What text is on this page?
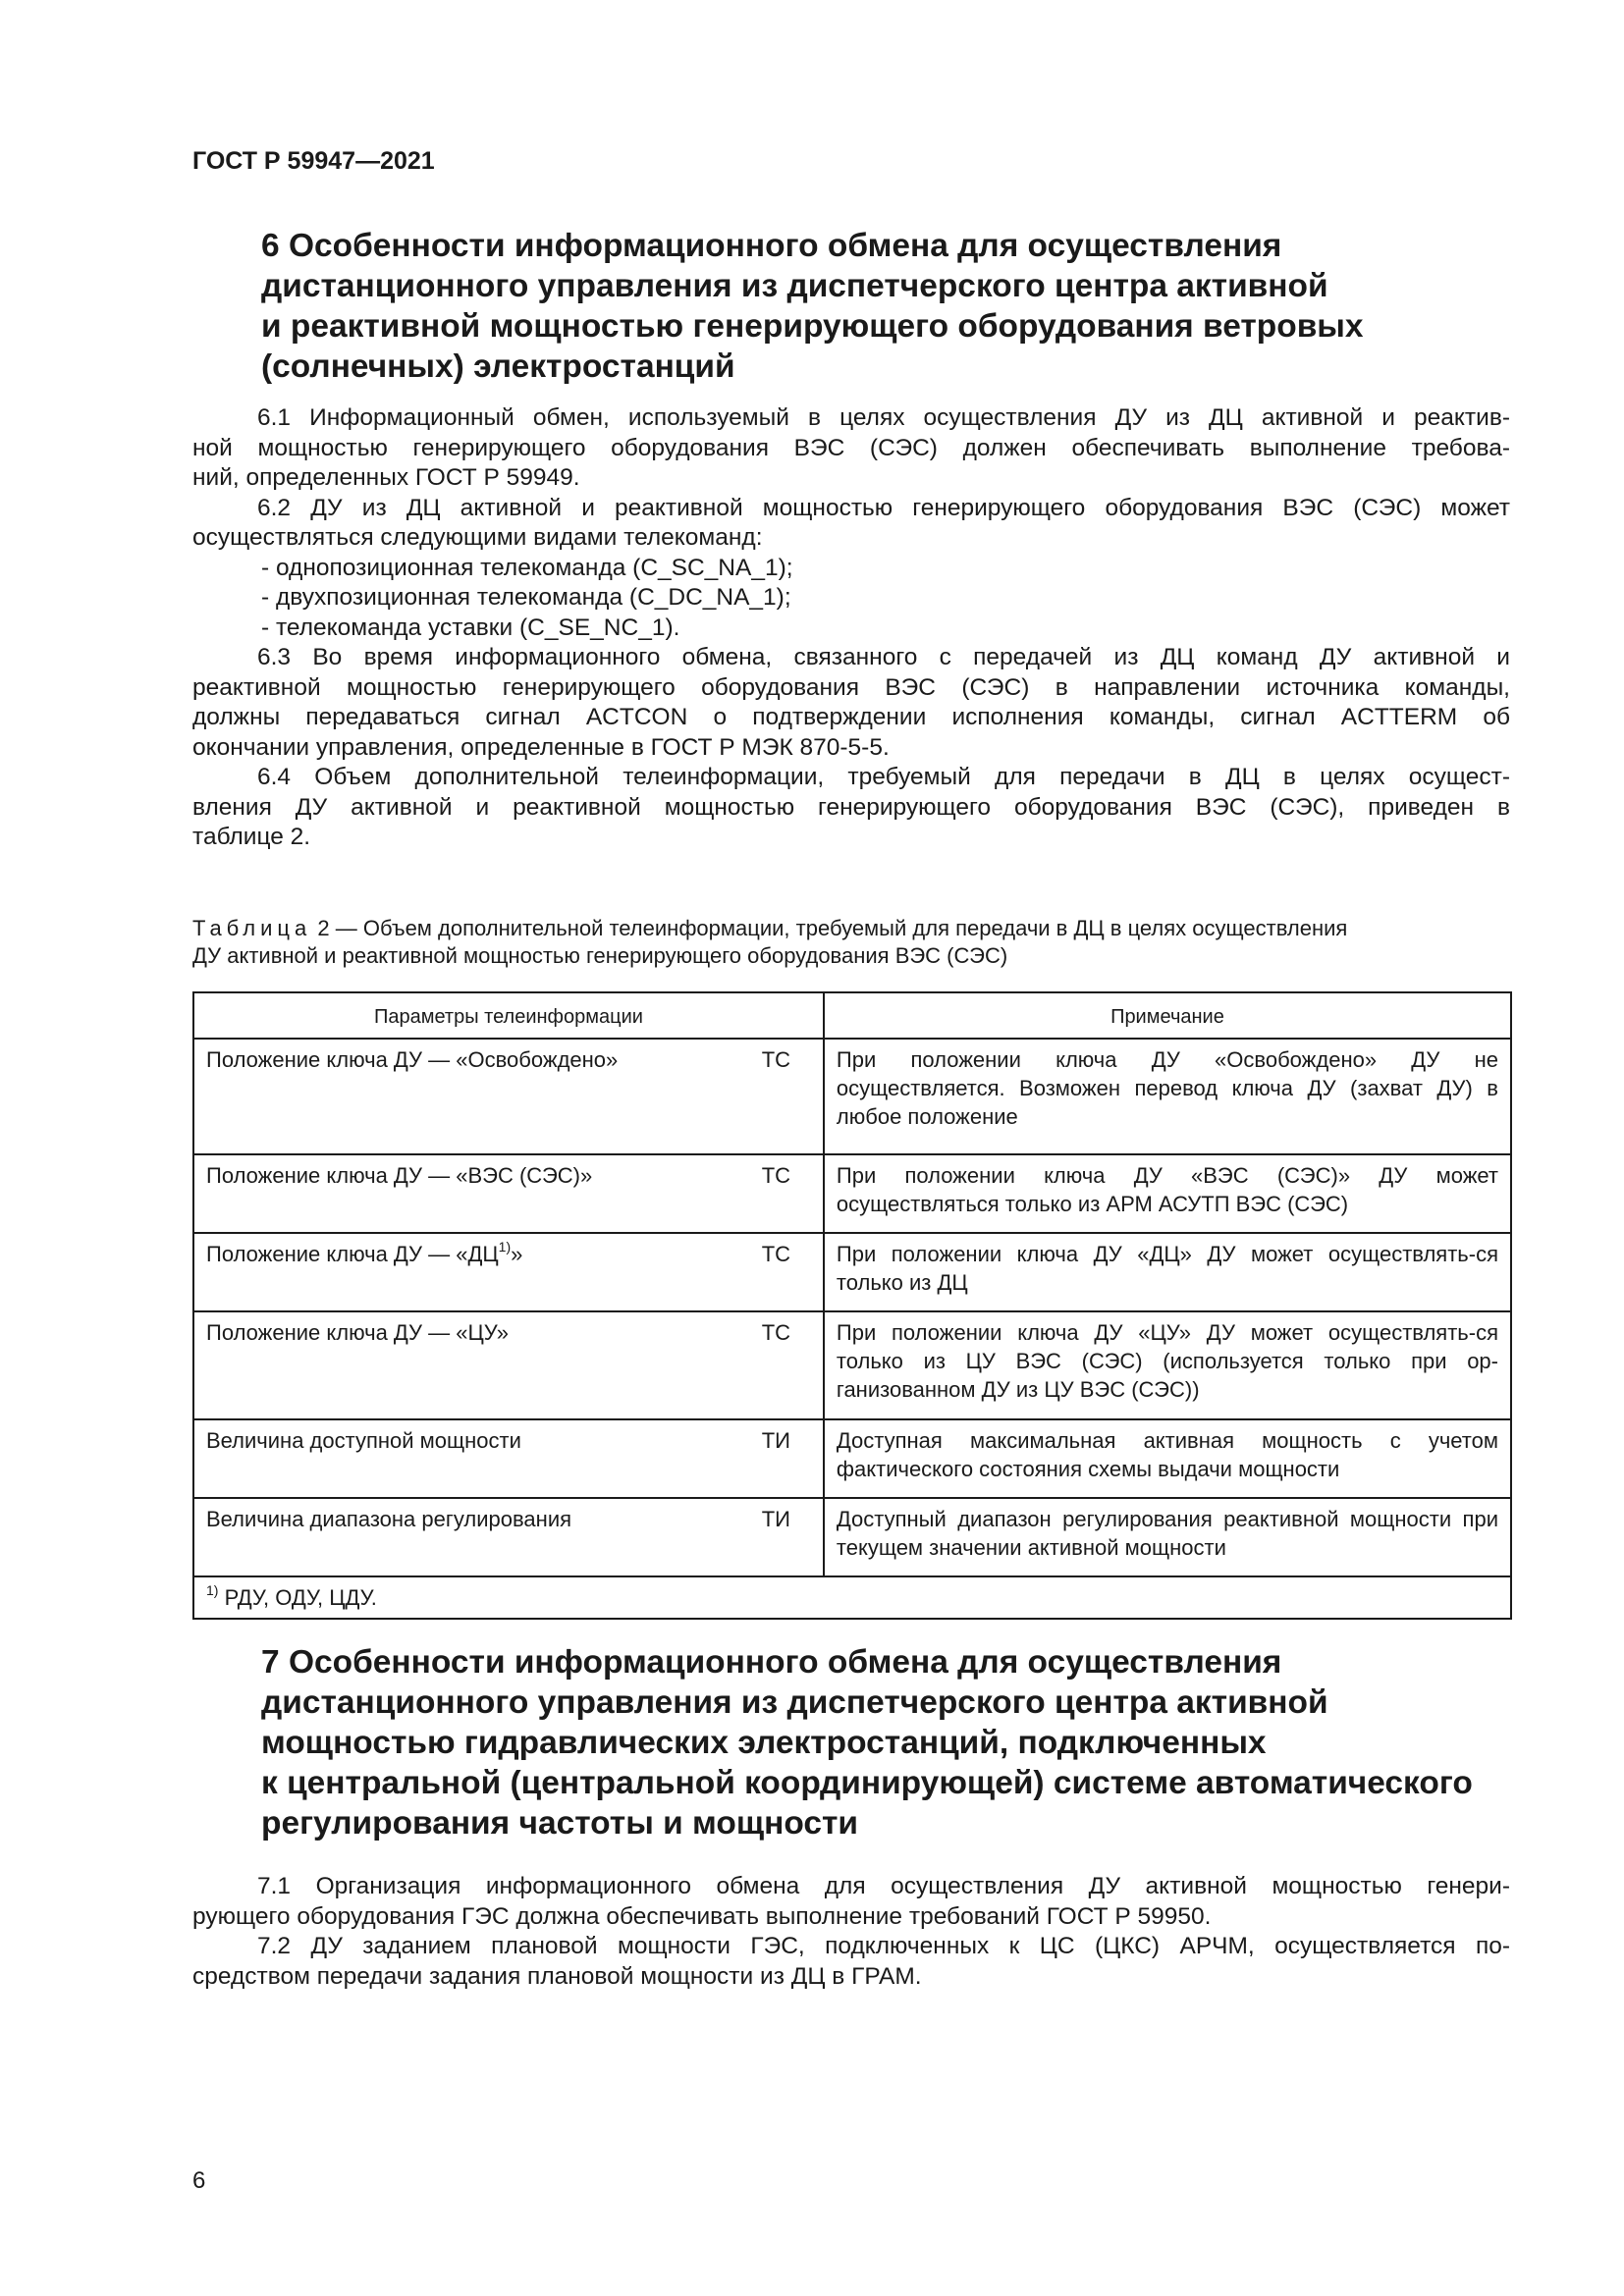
ГОСТ Р 59947—2021
6 Особенности информационного обмена для осуществления
дистанционного управления из диспетчерского центра активной
и реактивной мощностью генерирующего оборудования ветровых
(солнечных) электростанций

6.1 Информационный обмен, используемый в целях осуществления ДУ из ДЦ активной и реактив-
ной мощностью генерирующего оборудования ВЭС (СЭС) должен обеспечивать выполнение требова-
ний, определенных ГОСТ Р 59949.

6.2 ДУ из ДЦ активной и реактивной мощностью генерирующего оборудования ВЭС (СЭС) может
осуществляться следующими видами телекоманд:

- однопозиционная телекоманда (C_SC_NA_1);
- двухпозиционная телекоманда (C_DC_NA_1);
- телекоманда уставки (C_SE_NC_1).

6.3 Во время информационного обмена, связанного с передачей из ДЦ команд ДУ активной и
реактивной мощностью генерирующего оборудования ВЭС (СЭС) в направлении источника команды,
должны передаваться сигнал ACTCON о подтверждении исполнения команды, сигнал ACTTERM об
окончании управления, определенные в ГОСТ Р МЭК 870-5-5.

6.4 Объем дополнительной телеинформации, требуемый для передачи в ДЦ в целях осущест-
вления ДУ активной и реактивной мощностью генерирующего оборудования ВЭС (СЭС), приведен в
таблице 2.

Таблица 2 — Объем дополнительной телеинформации, требуемый для передачи в ДЦ в целях осуществления
ДУ активной и реактивной мощностью генерирующего оборудования ВЭС (СЭС)
Параметры телеинформации		Примечание
Положение ключа ДУ — «Освобождено»	ТС	При положении ключа ДУ «Освобождено» ДУ не осуществляется. Возможен перевод ключа ДУ (захват ДУ) в любое положение
Положение ключа ДУ — «ВЭС (СЭС)»	ТС	При положении ключа ДУ «ВЭС (СЭС)» ДУ может осуществляться только из АРМ АСУТП ВЭС (СЭС)
Положение ключа ДУ — «ДЦ$^{1)}$»	ТС	При положении ключа ДУ «ДЦ» ДУ может осуществлять-ся только из ДЦ
Положение ключа ДУ — «ЦУ»	ТС	При положении ключа ДУ «ЦУ» ДУ может осуществлять-ся только из ЦУ ВЭС (СЭС) (используется только при ор-ганизованном ДУ из ЦУ ВЭС (СЭС))
Величина доступной мощности	ТИ	Доступная максимальная активная мощность с учетом фактического состояния схемы выдачи мощности
Величина диапазона регулирования	ТИ	Доступный диапазон регулирования реактивной мощности при текущем значении активной мощности
$^{1)}$ РДУ, ОДУ, ЦДУ.		
7 Особенности информационного обмена для осуществления
дистанционного управления из диспетчерского центра активной
мощностью гидравлических электростанций, подключенных
к центральной (центральной координирующей) системе автоматического
регулирования частоты и мощности

7.1 Организация информационного обмена для осуществления ДУ активной мощностью генери-
рующего оборудования ГЭС должна обеспечивать выполнение требований ГОСТ Р 59950.

7.2 ДУ заданием плановой мощности ГЭС, подключенных к ЦС (ЦКС) АРЧМ, осуществляется по-
средством передачи задания плановой мощности из ДЦ в ГРАМ.

6
